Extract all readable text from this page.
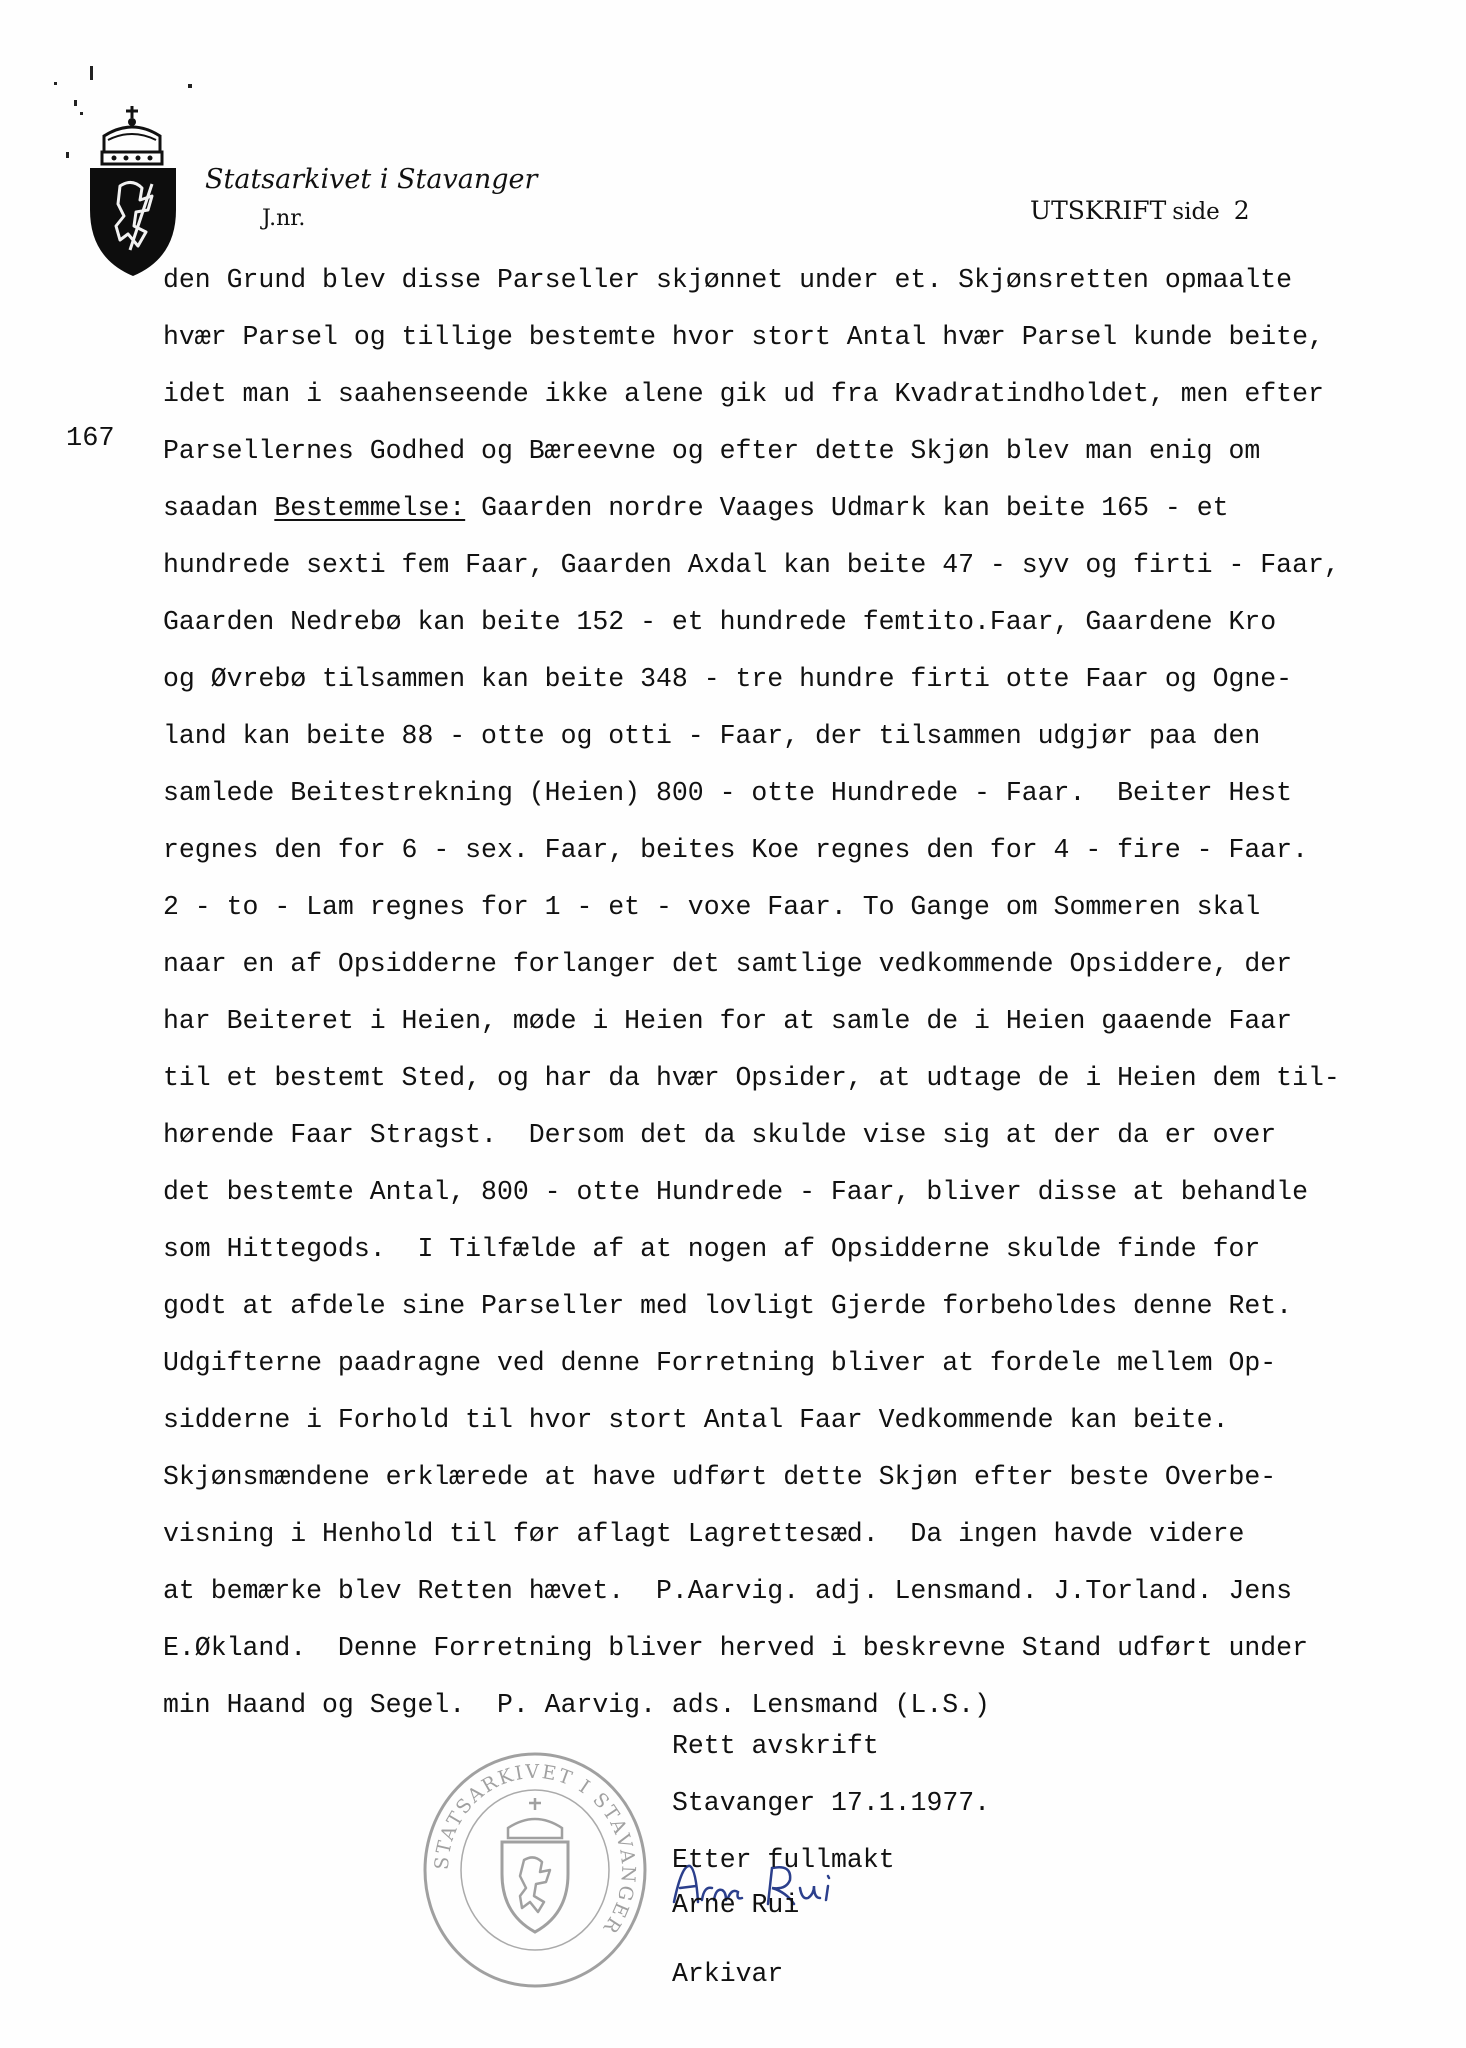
Statsarkivet i Stavanger
J.nr.	UTSKRIFT side 2
167
den Grund blev disse Parseller skjønnet under et. Skjønsretten opmaalte
hvær Parsel og tillige bestemte hvor stort Antal hvær Parsel kunde beite,
idet man i saahenseende ikke alene gik ud fra Kvadratindholdet, men efter
Parsellernes Godhed og Bæreevne og efter dette Skjøn blev man enig om
saadan Bestemmelse: Gaarden nordre Vaages Udmark kan beite 165 - et
hundrede sexti fem Faar, Gaarden Axdal kan beite 47 - syv og firti - Faar,
Gaarden Nedrebø kan beite 152 - et hundrede femtito.Faar, Gaardene Kro
og Øvrebø tilsammen kan beite 348 - tre hundre firti otte Faar og Ogne-
land kan beite 88 - otte og otti - Faar, der tilsammen udgjør paa den
samlede Beitestrekning (Heien) 800 - otte Hundrede - Faar.  Beiter Hest
regnes den for 6 - sex. Faar, beites Koe regnes den for 4 - fire - Faar.
2 - to - Lam regnes for 1 - et - voxe Faar. To Gange om Sommeren skal
naar en af Opsidderne forlanger det samtlige vedkommende Opsiddere, der
har Beiteret i Heien, møde i Heien for at samle de i Heien gaaende Faar
til et bestemt Sted, og har da hvær Opsider, at udtage de i Heien dem til-
hørende Faar Stragst.  Dersom det da skulde vise sig at der da er over
det bestemte Antal, 800 - otte Hundrede - Faar, bliver disse at behandle
som Hittegods.  I Tilfælde af at nogen af Opsidderne skulde finde for
godt at afdele sine Parseller med lovligt Gjerde forbeholdes denne Ret.
Udgifterne paadragne ved denne Forretning bliver at fordele mellem Op-
sidderne i Forhold til hvor stort Antal Faar Vedkommende kan beite.
Skjønsmændene erklærede at have udført dette Skjøn efter beste Overbe-
visning i Henhold til før aflagt Lagrettesæd.  Da ingen havde videre
at bemærke blev Retten hævet.  P.Aarvig. adj. Lensmand. J.Torland. Jens
E.Økland.  Denne Forretning bliver herved i beskrevne Stand udført under
min Haand og Segel.  P. Aarvig. ads. Lensmand (L.S.)
STATSARKIVET I STAVANGER
Rett avskrift
Stavanger 17.1.1977.
Etter fullmakt
Arne Rui
Arkivar
